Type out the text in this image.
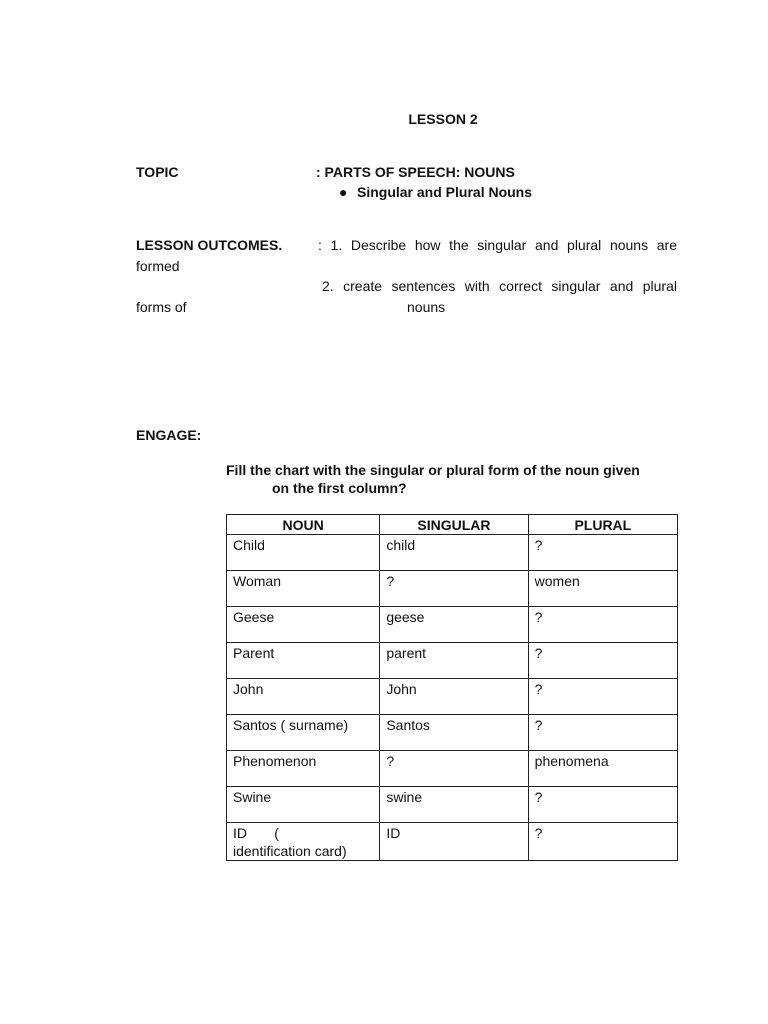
LESSON 2
TOPIC	: PARTS OF SPEECH: NOUNS
● Singular and Plural Nouns
LESSON OUTCOMES.	: 1. Describe how the singular and plural nouns are
formed
2. create sentences with correct singular and plural
forms of	nouns
ENGAGE:
Fill the chart with the singular or plural form of the noun given
on the first column?
NOUN	SINGULAR	PLURAL
Child	child	?
Woman	?	women
Geese	geese	?
Parent	parent	?
John	John	?
Santos ( surname)	Santos	?
Phenomenon	?	phenomena
Swine	swine	?
ID       (     identification card)	ID	?
